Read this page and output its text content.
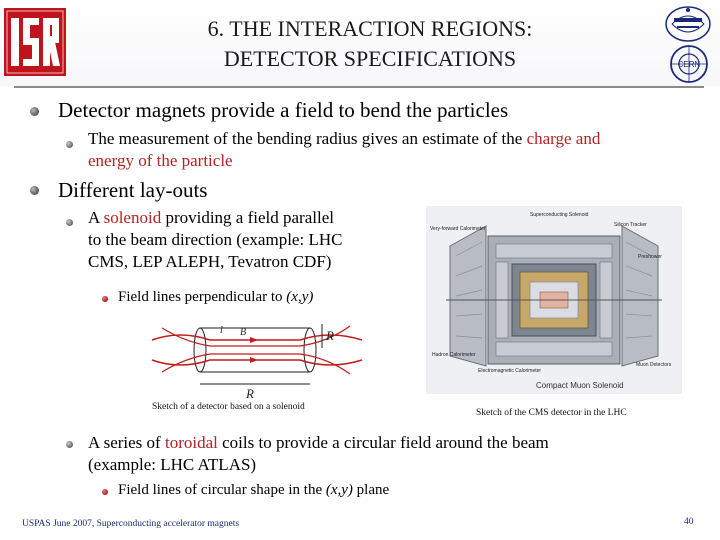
6. THE INTERACTION REGIONS:
DETECTOR SPECIFICATIONS	CERN
Detector magnets provide a field to bend the particles
The measurement of the bending radius gives an estimate of the charge and
energy of the particle
Different lay-outs
A solenoid providing a field parallel
to the beam direction (example: LHC
CMS, LEP ALEPH, Tevatron CDF)
Field lines perpendicular to (x,y)
l B	R
R
Sketch of a detector based on a solenoid
Superconducting Solenoid
Silicon Tracker
Very-forward Calorimeter
Preshower
Hadron Calorimeter
Electromagnetic Calorimeter
Muon Detectors
Compact Muon Solenoid
Sketch of the CMS detector in the LHC
A series of toroidal coils to provide a circular field around the beam
(example: LHC ATLAS)
Field lines of circular shape in the (x,y) plane
USPAS June 2007, Superconducting accelerator magnets	40
